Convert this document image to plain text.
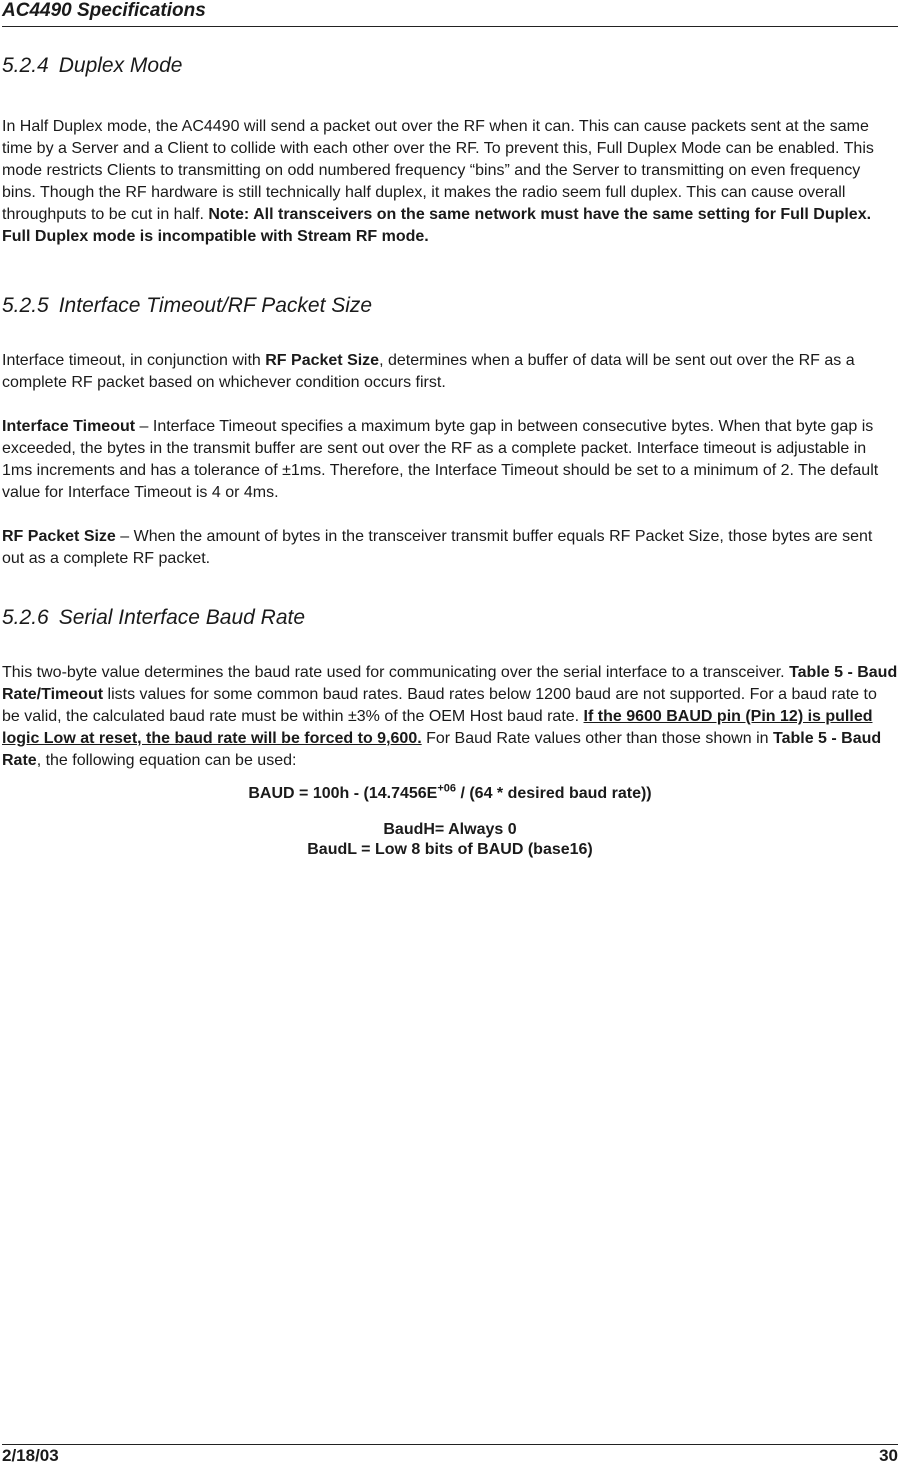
AC4490 Specifications
5.2.4 Duplex Mode

In Half Duplex mode, the AC4490 will send a packet out over the RF when it can. This can cause packets sent at the same time by a Server and a Client to collide with each other over the RF. To prevent this, Full Duplex Mode can be enabled. This mode restricts Clients to transmitting on odd numbered frequency “bins” and the Server to transmitting on even frequency bins. Though the RF hardware is still technically half duplex, it makes the radio seem full duplex. This can cause overall throughputs to be cut in half. Note: All transceivers on the same network must have the same setting for Full Duplex. Full Duplex mode is incompatible with Stream RF mode.

5.2.5 Interface Timeout/RF Packet Size

Interface timeout, in conjunction with RF Packet Size, determines when a buffer of data will be sent out over the RF as a complete RF packet based on whichever condition occurs first.

Interface Timeout – Interface Timeout specifies a maximum byte gap in between consecutive bytes. When that byte gap is exceeded, the bytes in the transmit buffer are sent out over the RF as a complete packet. Interface timeout is adjustable in 1ms increments and has a tolerance of ±1ms. Therefore, the Interface Timeout should be set to a minimum of 2. The default value for Interface Timeout is 4 or 4ms.

RF Packet Size – When the amount of bytes in the transceiver transmit buffer equals RF Packet Size, those bytes are sent out as a complete RF packet.

5.2.6 Serial Interface Baud Rate

This two-byte value determines the baud rate used for communicating over the serial interface to a transceiver. Table 5 - Baud Rate/Timeout lists values for some common baud rates. Baud rates below 1200 baud are not supported. For a baud rate to be valid, the calculated baud rate must be within ±3% of the OEM Host baud rate. If the 9600 BAUD pin (Pin 12) is pulled logic Low at reset, the baud rate will be forced to 9,600. For Baud Rate values other than those shown in Table 5 - Baud Rate, the following equation can be used:

BAUD = $100h - (14.7456E^{+06} / (64$ * desired baud rate))
BaudH= Always 0
BaudL = Low 8 bits of BAUD (base16)
2/18/03	30
